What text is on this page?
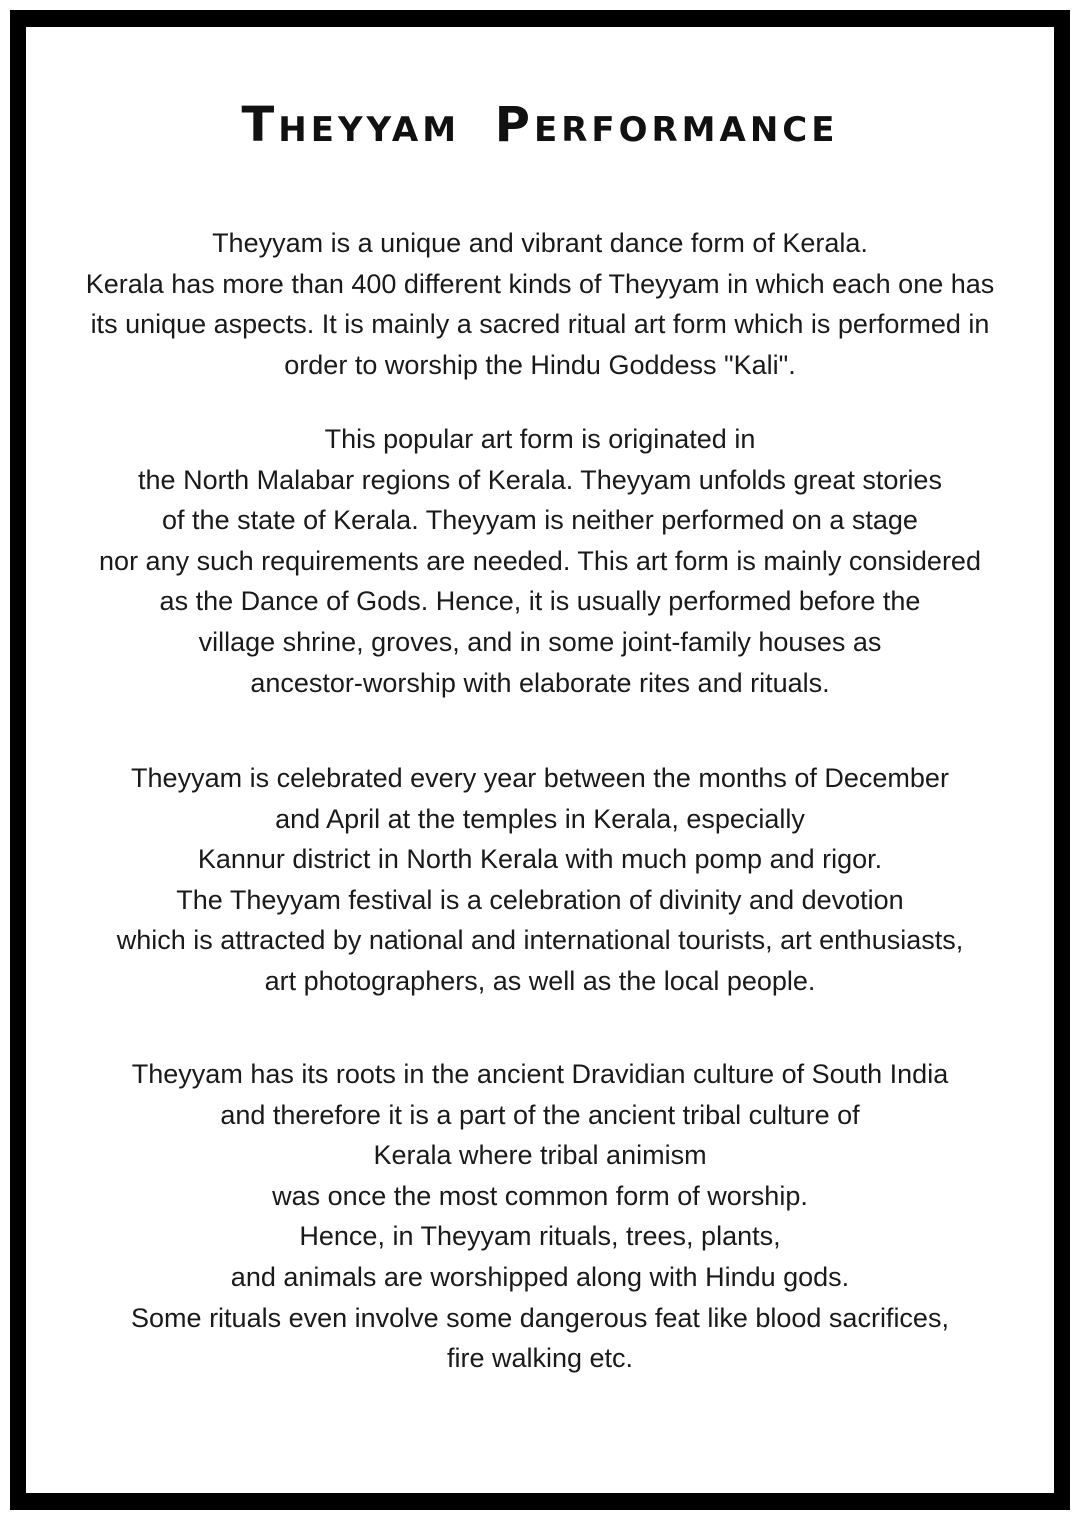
Theyyam Performance
Theyyam is a unique and vibrant dance form of Kerala.
Kerala has more than 400 different kinds of Theyyam in which each one has
its unique aspects. It is mainly a sacred ritual art form which is performed in
order to worship the Hindu Goddess "Kali".
This popular art form is originated in
the North Malabar regions of Kerala. Theyyam unfolds great stories
of the state of Kerala. Theyyam is neither performed on a stage
nor any such requirements are needed. This art form is mainly considered
as the Dance of Gods. Hence, it is usually performed before the
village shrine, groves, and in some joint-family houses as
ancestor-worship with elaborate rites and rituals.
Theyyam is celebrated every year between the months of December
and April at the temples in Kerala, especially
Kannur district in North Kerala with much pomp and rigor.
The Theyyam festival is a celebration of divinity and devotion
which is attracted by national and international tourists, art enthusiasts,
art photographers, as well as the local people.
Theyyam has its roots in the ancient Dravidian culture of South India
and therefore it is a part of the ancient tribal culture of
Kerala where tribal animism
was once the most common form of worship.
Hence, in Theyyam rituals, trees, plants,
and animals are worshipped along with Hindu gods.
Some rituals even involve some dangerous feat like blood sacrifices,
fire walking etc.
